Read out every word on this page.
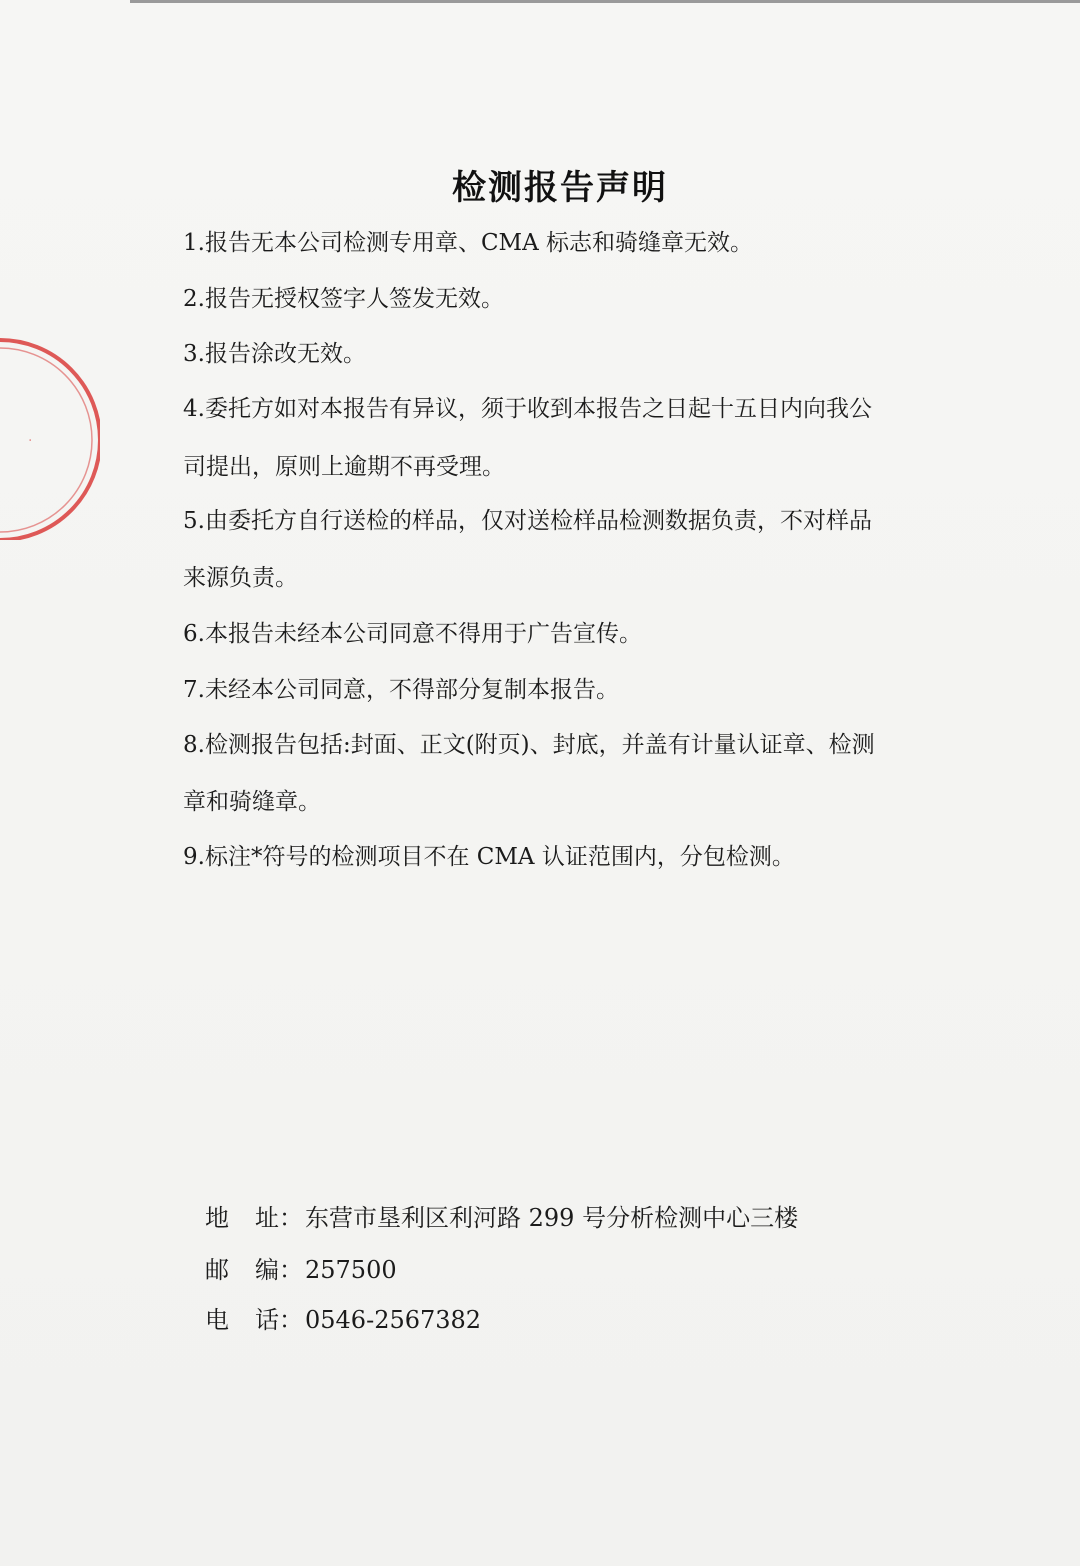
·
检测报告声明
1.报告无本公司检测专用章、CMA 标志和骑缝章无效。
2.报告无授权签字人签发无效。
3.报告涂改无效。
4.委托方如对本报告有异议，须于收到本报告之日起十五日内向我公
司提出，原则上逾期不再受理。
5.由委托方自行送检的样品，仅对送检样品检测数据负责，不对样品
来源负责。
6.本报告未经本公司同意不得用于广告宣传。
7.未经本公司同意，不得部分复制本报告。
8.检测报告包括:封面、正文(附页)、封底，并盖有计量认证章、检测
章和骑缝章。
9.标注*符号的检测项目不在 CMA 认证范围内，分包检测。
地 址：东营市垦利区利河路 299 号分析检测中心三楼
邮 编：257500
电 话：0546-2567382
